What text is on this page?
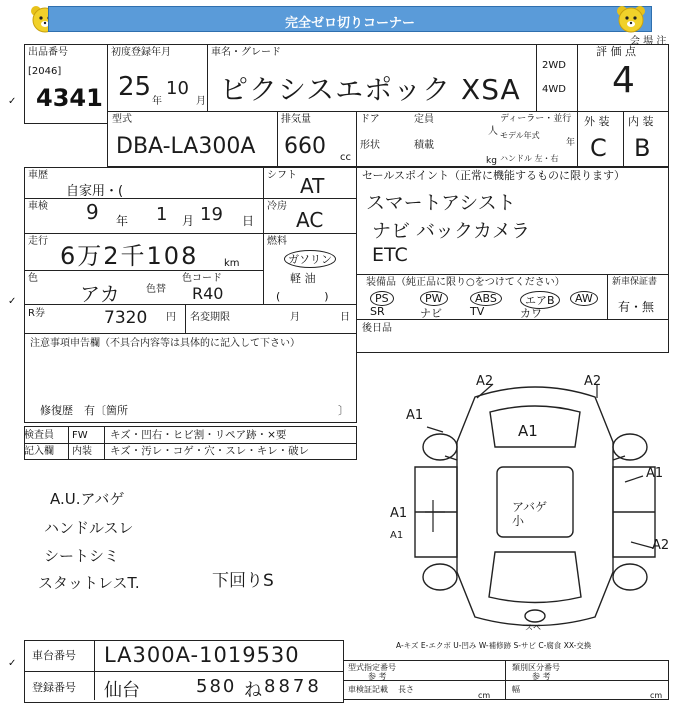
完全ゼロ切りコーナー
会 場 注
出品番号
[2046]
4341
初度登録年月
25 年
10
月
車名・グレード
ピクシスエポック XSA
2WD
4WD
評 価 点
4
型式
DBA-LA300A
排気量
660 cc
ドア	定員
人
形状	積載
kg
ディーラー・並行
モデル年式
年
ハンドル 左・右
外 装 内 装
C B
車歴
自家用・(
シフト AT	セールスポイント（正常に機能するものに限ります）
スマートアシスト
ナビ バックカメラ
ETC
車検 9 年 1 月 19 日
冷房
AC
走行
6万2千108	km
燃料
ガソリン
軽 油
(　　　　)
色
アカ	色替
色コード
R40
装備品（純正品に限り○をつけてください）
PS	PW	ABS	エアB	AW
SR	ナビ	TV	カワ
新車保証書
有・無
R券	7320 円 名変期限	月	日
後日品
注意事項申告欄（不具合内容等は具体的に記入して下さい）
修復歴　有〔箇所	〕
検査員 FW キズ・凹右・ヒビ割・リペア跡・×要
記入欄 内装 キズ・汚レ・コゲ・穴・スレ・キレ・破レ
A.U.アバゲ
ハンドルスレ
シートシミ
スタットレスT.	下回りS
A2	A2
A1
A1
A1
A1
A2
A1
アバゲ小
スペ
A-キズ E-エクボ U-凹み W-補修跡 S-サビ C-腐食 XX-交換
車台番号 LA300A-1019530
登録番号 仙台	580 ね 8878
型式指定番号
参 考
類別区分番号
参 考
車検証記載 長さ
cm
幅
cm
✓
✓
✓
